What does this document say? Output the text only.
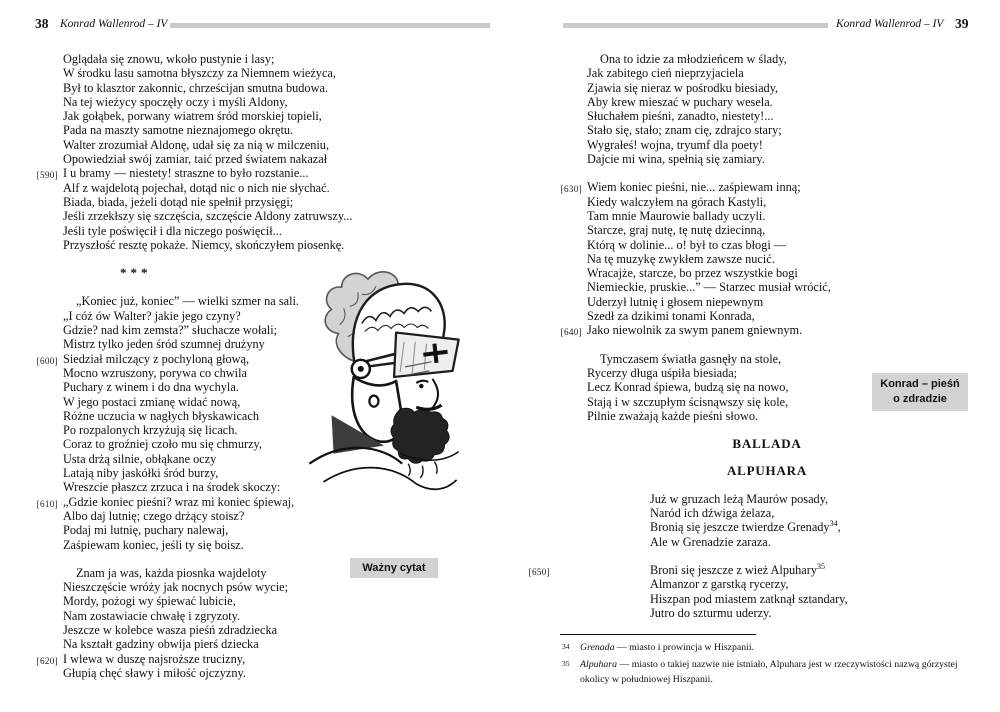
38 Konrad Wallenrod – IV	Konrad Wallenrod – IV 39
Oglądała się znowu, wkoło pustynie i lasy;
W środku lasu samotna błyszczy za Niemnem wieżyca,
Był to klasztor zakonnic, chrześcijan smutna budowa.
Na tej wieżycy spoczęły oczy i myśli Aldony,
Jak gołąbek, porwany wiatrem śród morskiej topieli,
Pada na maszty samotne nieznajomego okrętu.
Walter zrozumiał Aldonę, udał się za nią w milczeniu,
Opowiedział swój zamiar, taić przed światem nakazał
[590] I u bramy — niestety! straszne to było rozstanie...
Alf z wajdelotą pojechał, dotąd nic o nich nie słychać.
Biada, biada, jeżeli dotąd nie spełnił przysięgi;
Jeśli zrzekłszy się szczęścia, szczęście Aldony zatruwszy...
Jeśli tyle poświęcił i dla niczego poświęcił...
Przyszłość resztę pokaże. Niemcy, skończyłem piosenkę.
***
„Koniec już, koniec” — wielki szmer na sali.
„I cóż ów Walter? jakie jego czyny?
Gdzie? nad kim zemsta?” słuchacze wołali;
Mistrz tylko jeden śród szumnej drużyny
[600] Siedział milczący z pochyloną głową,
Mocno wzruszony, porywa co chwila
Puchary z winem i do dna wychyla.
W jego postaci zmianę widać nową,
Różne uczucia w nagłych błyskawicach
Po rozpalonych krzyżują się licach.
Coraz to groźniej czoło mu się chmurzy,
Usta drżą silnie, obłąkane oczy
Latają niby jaskółki śród burzy,
Wreszcie płaszcz zrzuca i na środek skoczy:
[610] „Gdzie koniec pieśni? wraz mi koniec śpiewaj,
Albo daj lutnię; czego drżący stoisz?
Podaj mi lutnię, puchary nalewaj,
Zaśpiewam koniec, jeśli ty się boisz.
Znam ja was, każda piosnka wajdeloty
Nieszczęście wróży jak nocnych psów wycie;
Mordy, pożogi wy śpiewać lubicie,
Nam zostawiacie chwałę i zgryzoty.
Jeszcze w kolebce wasza pieśń zdradziecka
Na kształt gadziny obwija pierś dziecka
[620] I wlewa w duszę najsroższe trucizny,
Głupią chęć sławy i miłość ojczyzny.
Ona to idzie za młodzieńcem w ślady,
Jak zabitego cień nieprzyjaciela
Zjawia się nieraz w pośrodku biesiady,
Aby krew mieszać w puchary wesela.
Słuchałem pieśni, zanadto, niestety!...
Stało się, stało; znam cię, zdrajco stary;
Wygrałeś! wojna, tryumf dla poety!
Dajcie mi wina, spełnią się zamiary.
[630] Wiem koniec pieśni, nie... zaśpiewam inną;
Kiedy walczyłem na górach Kastyli,
Tam mnie Maurowie ballady uczyli.
Starcze, graj nutę, tę nutę dziecinną,
Którą w dolinie... o! był to czas błogi —
Na tę muzykę zwykłem zawsze nucić.
Wracajże, starcze, bo przez wszystkie bogi
Niemieckie, pruskie...” — Starzec musiał wrócić,
Uderzył lutnię i głosem niepewnym
Szedł za dzikimi tonami Konrada,
[640] Jako niewolnik za swym panem gniewnym.
Tymczasem światła gasnęły na stole,
Rycerzy długa uśpiła biesiada;
Lecz Konrad śpiewa, budzą się na nowo,
Stają i w szczupłym ścisnąwszy się kole,
Pilnie zważają każde pieśni słowo.
BALLADA
ALPUHARA
Już w gruzach leżą Maurów posady,
Naród ich dźwiga żelaza,
Bronią się jeszcze twierdze Grenady$^{34}$,
Ale w Grenadzie zaraza.
[650]	Broni się jeszcze z wież Alpuhary$^{35}$
Almanzor z garstką rycerzy,
Hiszpan pod miastem zatknął sztandary,
Jutro do szturmu uderzy.
Ważny cytat
Konrad – pieśń
o zdradzie

34 Grenada — miasto i prowincja w Hiszpanii.

35 Alpuhara — miasto o takiej nazwie nie istniało, Alpuhara jest w rzeczywistości nazwą górzystej okolicy w południowej Hiszpanii.
